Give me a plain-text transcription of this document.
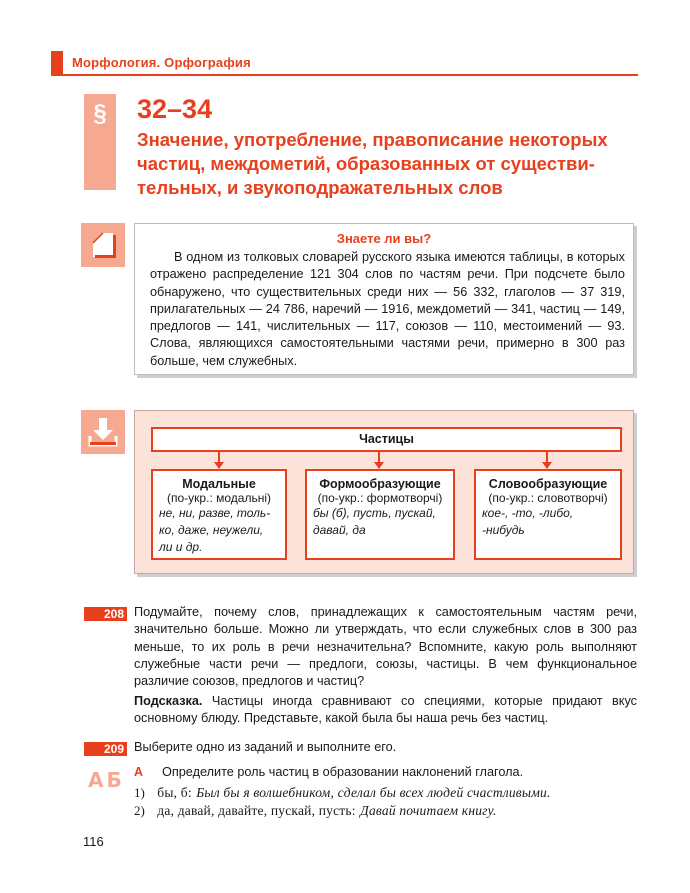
Морфология. Орфография
§	32–34
Значение, употребление, правописание некоторых
частиц, междометий, образованных от существи-
тельных, и звукоподражательных слов
Знаете ли вы?
В одном из толковых словарей русского языка имеются таблицы, в которых отражено распределение 121 304 слов по частям речи. При подсчете было обнаружено, что существительных среди них — 56 332, глаголов — 37 319, прилагательных — 24 786, наречий — 1916, междометий — 341, частиц — 149, предлогов — 141, числительных — 117, союзов — 110, местоимений — 93. Слова, являющихся самостоятельными частями речи, примерно в 300 раз больше, чем служебных.
Частицы
Модальные
(по-укр.: модальні)
не, ни, разве, толь-ко, даже, неужели, ли и др.
Формообразующие
(по-укр.: формотворчі)
бы (б), пусть, пускай, давай, да
Словообразующие
(по-укр.: словотворчі)
кое-, -то, -либо, -нибудь
208 Подумайте, почему слов, принадлежащих к самостоятельным частям речи, значительно больше. Можно ли утверждать, что если служебных слов в 300 раз меньше, то их роль в речи незначительна? Вспомните, какую роль выполняют служебные части речи — предлоги, союзы, частицы. В чем функциональное различие союзов, предлогов и частиц?
Подсказка. Частицы иногда сравнивают со специями, которые придают вкус основному блюду. Представьте, какой была бы наша речь без частиц.
209 Выберите одно из заданий и выполните его.
А Б А Определите роль частиц в образовании наклонений глагола.
1) бы, б: Был бы я волшебником, сделал бы всех людей счастливыми.
2) да, давай, давайте, пускай, пусть: Давай почитаем книгу.
116
